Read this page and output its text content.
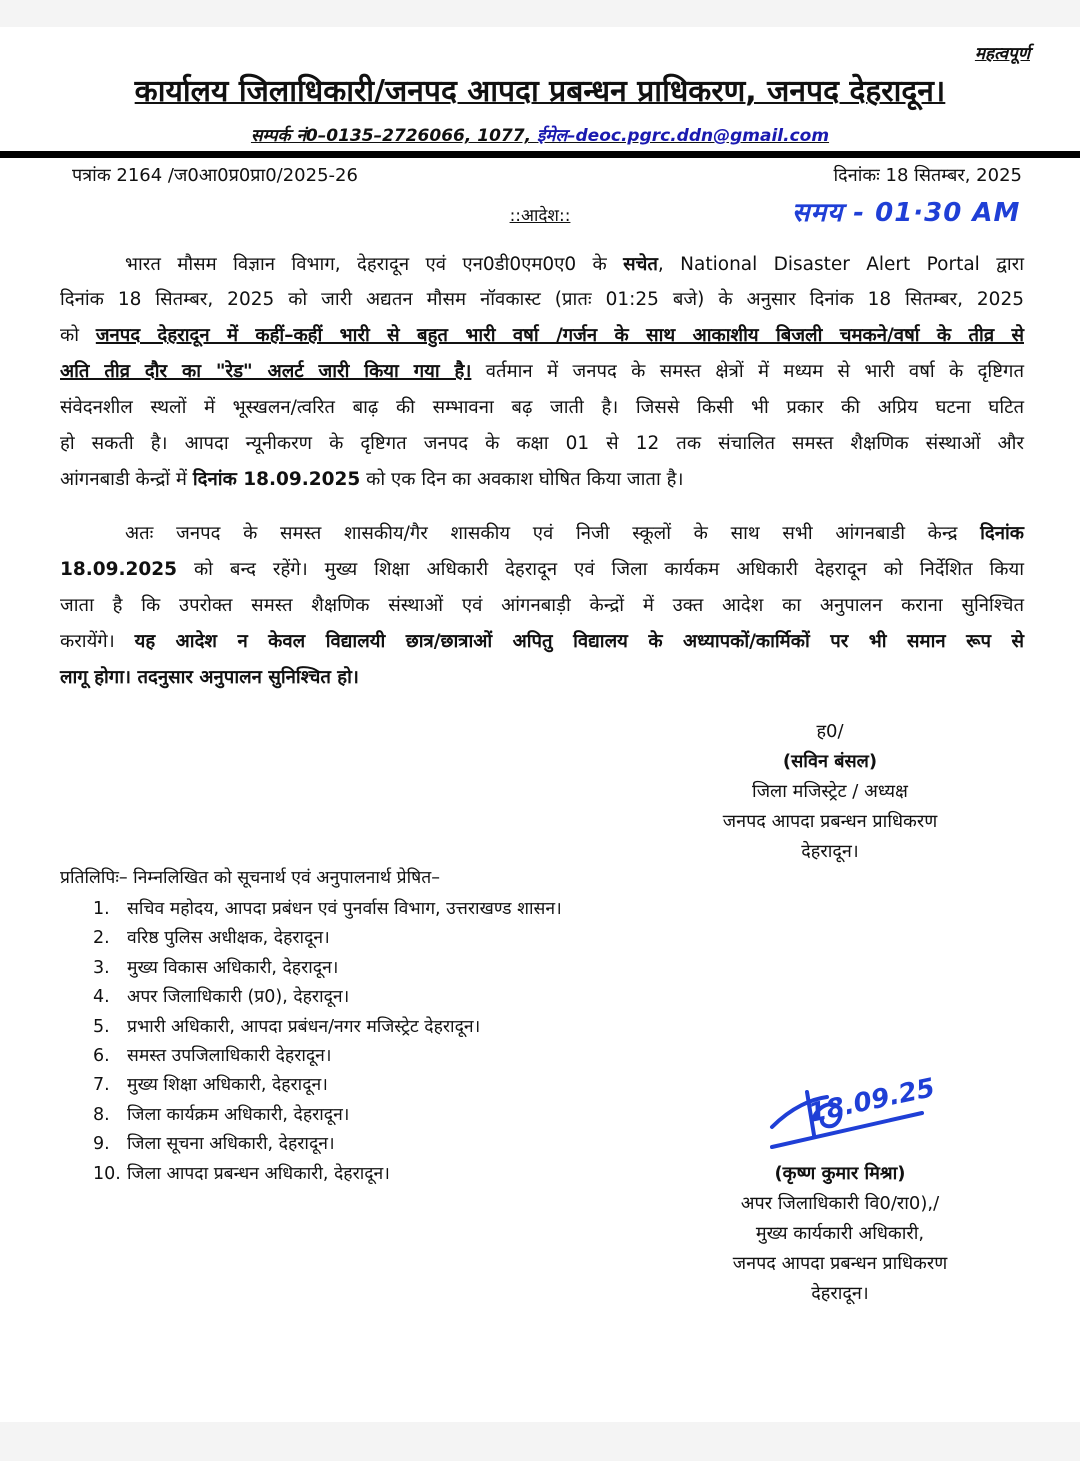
महत्वपूर्ण
कार्यालय जिलाधिकारी/जनपद आपदा प्रबन्धन प्राधिकरण, जनपद देहरादून।
सम्पर्क नं0–0135–2726066, 1077, ईमेल–deoc.pgrc.ddn@gmail.com
पत्रांक 2164 /ज0आ0प्र0प्रा0/2025-26	दिनांकः 18 सितम्बर, 2025
समय - 01·30 AM
::आदेश::
भारत मौसम विज्ञान विभाग, देहरादून एवं एन0डी0एम0ए0 के सचेत, National Disaster Alert Portal द्वारा
दिनांक 18 सितम्बर, 2025 को जारी अद्यतन मौसम नॉवकास्ट (प्रातः 01:25 बजे) के अनुसार दिनांक 18 सितम्बर, 2025
को जनपद देहरादून में कहीं–कहीं भारी से बहुत भारी वर्षा /गर्जन के साथ आकाशीय बिजली चमकने/वर्षा के तीव्र से
अति तीव्र दौर का "रेड" अलर्ट जारी किया गया है। वर्तमान में जनपद के समस्त क्षेत्रों में मध्यम से भारी वर्षा के दृष्टिगत
संवेदनशील स्थलों में भूस्खलन/त्वरित बाढ़ की सम्भावना बढ़ जाती है। जिससे किसी भी प्रकार की अप्रिय घटना घटित
हो सकती है। आपदा न्यूनीकरण के दृष्टिगत जनपद के कक्षा 01 से 12 तक संचालित समस्त शैक्षणिक संस्थाओं और
आंगनबाडी केन्द्रों में दिनांक 18.09.2025 को एक दिन का अवकाश घोषित किया जाता है।
अतः जनपद के समस्त शासकीय/गैर शासकीय एवं निजी स्कूलों के साथ सभी आंगनबाडी केन्द्र दिनांक
18.09.2025 को बन्द रहेंगे। मुख्य शिक्षा अधिकारी देहरादून एवं जिला कार्यकम अधिकारी देहरादून को निर्देशित किया
जाता है कि उपरोक्त समस्त शैक्षणिक संस्थाओं एवं आंगनबाड़ी केन्द्रों में उक्त आदेश का अनुपालन कराना सुनिश्चित
करायेंगे। यह आदेश न केवल विद्यालयी छात्र/छात्राओं अपितु विद्यालय के अध्यापकों/कार्मिकों पर भी समान रूप से
लागू होगा। तदनुसार अनुपालन सुनिश्चित हो।
ह0/
(सविन बंसल)
जिला मजिस्ट्रेट / अध्यक्ष
जनपद आपदा प्रबन्धन प्राधिकरण
देहरादून।
प्रतिलिपिः– निम्नलिखित को सूचनार्थ एवं अनुपालनार्थ प्रेषित–
1. सचिव महोदय, आपदा प्रबंधन एवं पुनर्वास विभाग, उत्तराखण्ड शासन।
2. वरिष्ठ पुलिस अधीक्षक, देहरादून।
3. मुख्य विकास अधिकारी, देहरादून।
4. अपर जिलाधिकारी (प्र0), देहरादून।
5. प्रभारी अधिकारी, आपदा प्रबंधन/नगर मजिस्ट्रेट देहरादून।
6. समस्त उपजिलाधिकारी देहरादून।
7. मुख्य शिक्षा अधिकारी, देहरादून।
8. जिला कार्यक्रम अधिकारी, देहरादून।
9. जिला सूचना अधिकारी, देहरादून।
10. जिला आपदा प्रबन्धन अधिकारी, देहरादून।
18.09.25
(कृष्ण कुमार मिश्रा)
अपर जिलाधिकारी वि0/रा0),/
मुख्य कार्यकारी अधिकारी,
जनपद आपदा प्रबन्धन प्राधिकरण
देहरादून।
